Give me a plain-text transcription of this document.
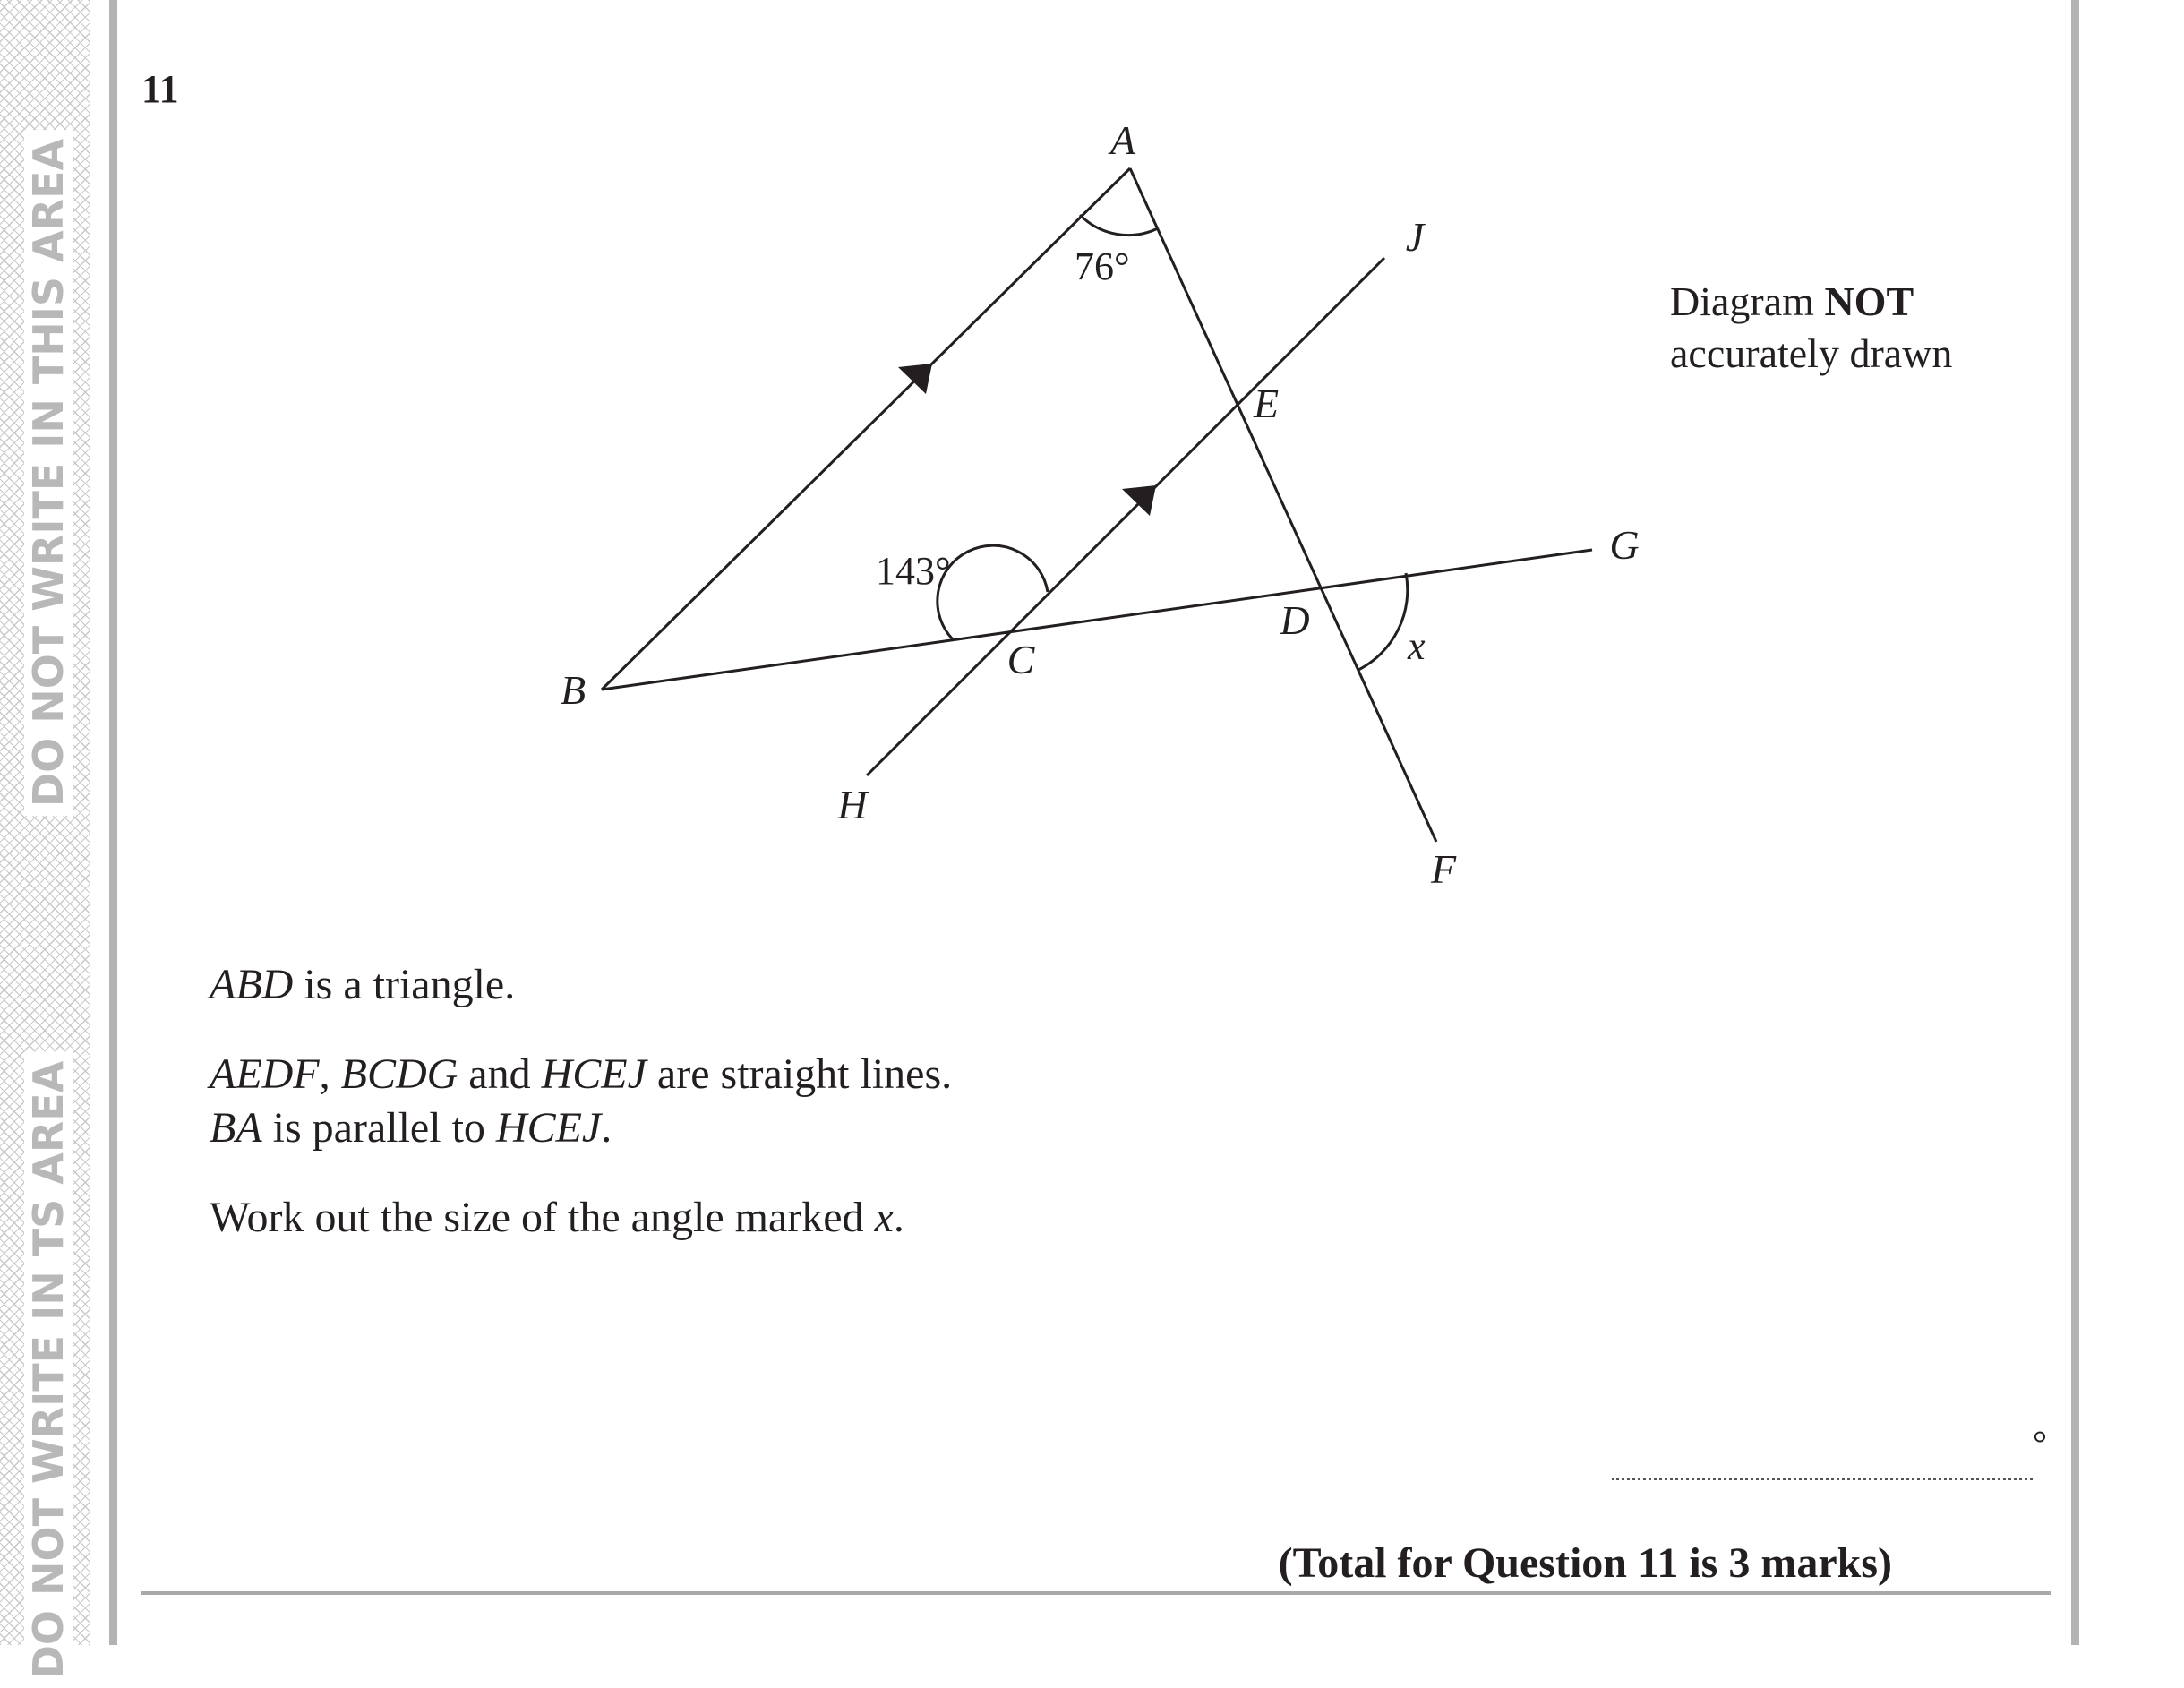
DO NOT WRITE IN THIS AREA
DO NOT WRITE IN TS AREA
11
A
B
C
D
E
F
G
H
J
76°
143°
x
Diagram NOT
accurately drawn

ABD is a triangle.

AEDF, BCDG and HCEJ are straight lines.

BA is parallel to HCEJ.

Work out the size of the angle marked x.

°
(Total for Question 11 is 3 marks)
